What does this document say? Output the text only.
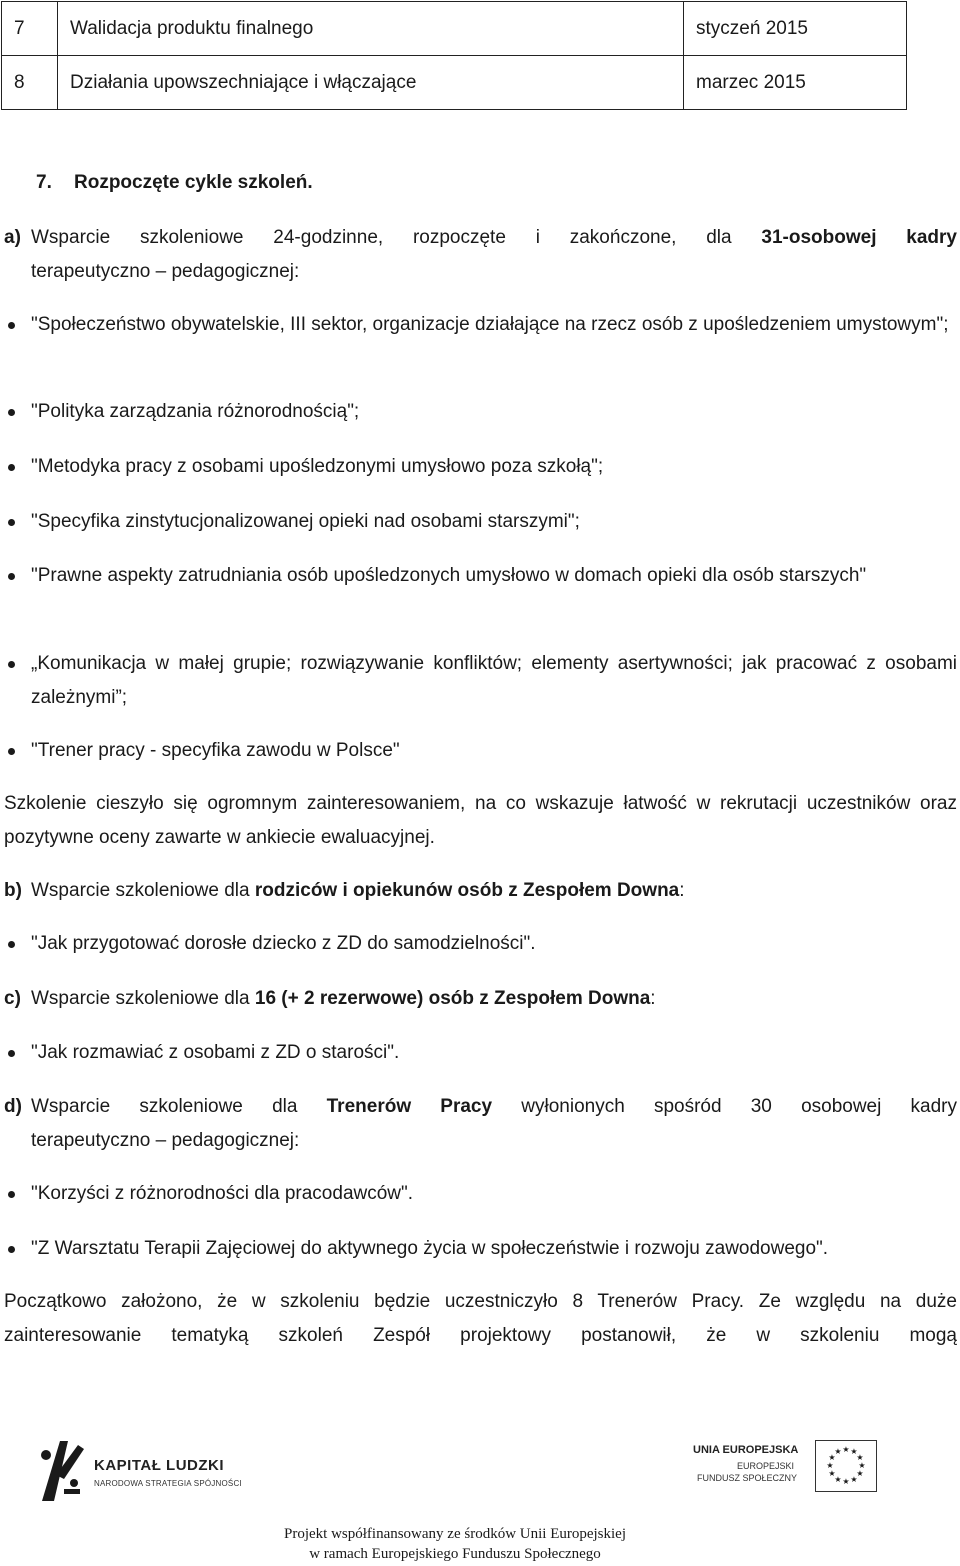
7	Walidacja produktu finalnego	styczeń 2015
8	Działania upowszechniające i włączające	marzec 2015
7. Rozpoczęte cykle szkoleń.
a) Wsparcie szkoleniowe 24-godzinne, rozpoczęte i zakończone, dla 31-osobowej kadry
terapeutyczno – pedagogicznej:
"Społeczeństwo obywatelskie, III sektor, organizacje działające na rzecz osób z upośledzeniem umystowym";
"Polityka zarządzania różnorodnością";
"Metodyka pracy z osobami upośledzonymi umysłowo poza szkołą";
"Specyfika zinstytucjonalizowanej opieki nad osobami starszymi";
"Prawne aspekty zatrudniania osób upośledzonych umysłowo w domach opieki dla osób starszych"
„Komunikacja w małej grupie; rozwiązywanie konfliktów; elementy asertywności; jak pracować z osobami zależnymi”;
"Trener pracy - specyfika zawodu w Polsce"
Szkolenie cieszyło się ogromnym zainteresowaniem, na co wskazuje łatwość w rekrutacji uczestników oraz pozytywne oceny zawarte w ankiecie ewaluacyjnej.
b) Wsparcie szkoleniowe dla rodziców i opiekunów osób z Zespołem Downa:
"Jak przygotować dorosłe dziecko z ZD do samodzielności".
c) Wsparcie szkoleniowe dla 16 (+ 2 rezerwowe) osób z Zespołem Downa:
"Jak rozmawiać z osobami z ZD o starości".
d) Wsparcie szkoleniowe dla Trenerów Pracy wyłonionych spośród 30 osobowej kadry
terapeutyczno – pedagogicznej:
"Korzyści z różnorodności dla pracodawców".
"Z Warsztatu Terapii Zajęciowej do aktywnego życia w społeczeństwie i rozwoju zawodowego".
Początkowo założono, że w szkoleniu będzie uczestniczyło 8 Trenerów Pracy. Ze względu na duże
zainteresowanie tematyką szkoleń Zespół projektowy postanowił, że w szkoleniu mogą
KAPITAŁ LUDZKI
NARODOWA STRATEGIA SPÓJNOŚCI
UNIA EUROPEJSKA
EUROPEJSKI
FUNDUSZ SPOŁECZNY
★ ★
★
★
★
★
★
★
★
★
★
★
Projekt współfinansowany ze środków Unii Europejskiej
w ramach Europejskiego Funduszu Społecznego
